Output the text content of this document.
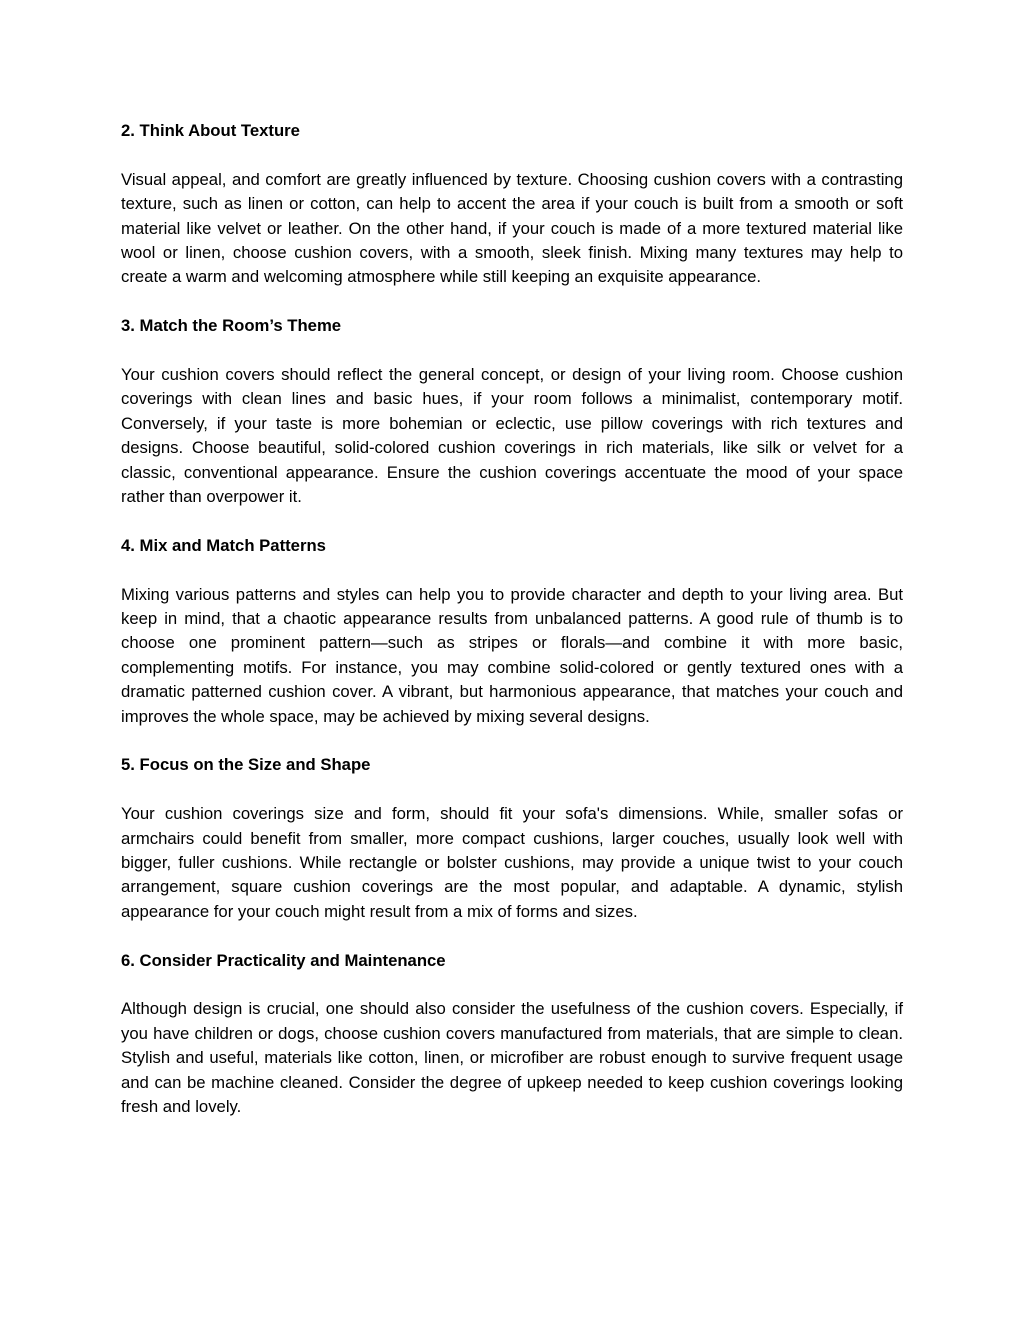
2. Think About Texture

Visual appeal, and comfort are greatly influenced by texture. Choosing cushion covers with a contrasting texture, such as linen or cotton, can help to accent the area if your couch is built from a smooth or soft material like velvet or leather. On the other hand, if your couch is made of a more textured material like wool or linen, choose cushion covers, with a smooth, sleek finish. Mixing many textures may help to create a warm and welcoming atmosphere while still keeping an exquisite appearance.

3. Match the Room’s Theme

Your cushion covers should reflect the general concept, or design of your living room. Choose cushion coverings with clean lines and basic hues, if your room follows a minimalist, contemporary motif. Conversely, if your taste is more bohemian or eclectic, use pillow coverings with rich textures and designs. Choose beautiful, solid-colored cushion coverings in rich materials, like silk or velvet for a classic, conventional appearance. Ensure the cushion coverings accentuate the mood of your space rather than overpower it.

4. Mix and Match Patterns

Mixing various patterns and styles can help you to provide character and depth to your living area. But keep in mind, that a chaotic appearance results from unbalanced patterns. A good rule of thumb is to choose one prominent pattern—such as stripes or florals—and combine it with more basic, complementing motifs. For instance, you may combine solid-colored or gently textured ones with a dramatic patterned cushion cover. A vibrant, but harmonious appearance, that matches your couch and improves the whole space, may be achieved by mixing several designs.

5. Focus on the Size and Shape

Your cushion coverings size and form, should fit your sofa's dimensions. While, smaller sofas or armchairs could benefit from smaller, more compact cushions, larger couches, usually look well with bigger, fuller cushions. While rectangle or bolster cushions, may provide a unique twist to your couch arrangement, square cushion coverings are the most popular, and adaptable. A dynamic, stylish appearance for your couch might result from a mix of forms and sizes.

6. Consider Practicality and Maintenance

Although design is crucial, one should also consider the usefulness of the cushion covers. Especially, if you have children or dogs, choose cushion covers manufactured from materials, that are simple to clean. Stylish and useful, materials like cotton, linen, or microfiber are robust enough to survive frequent usage and can be machine cleaned. Consider the degree of upkeep needed to keep cushion coverings looking fresh and lovely.
